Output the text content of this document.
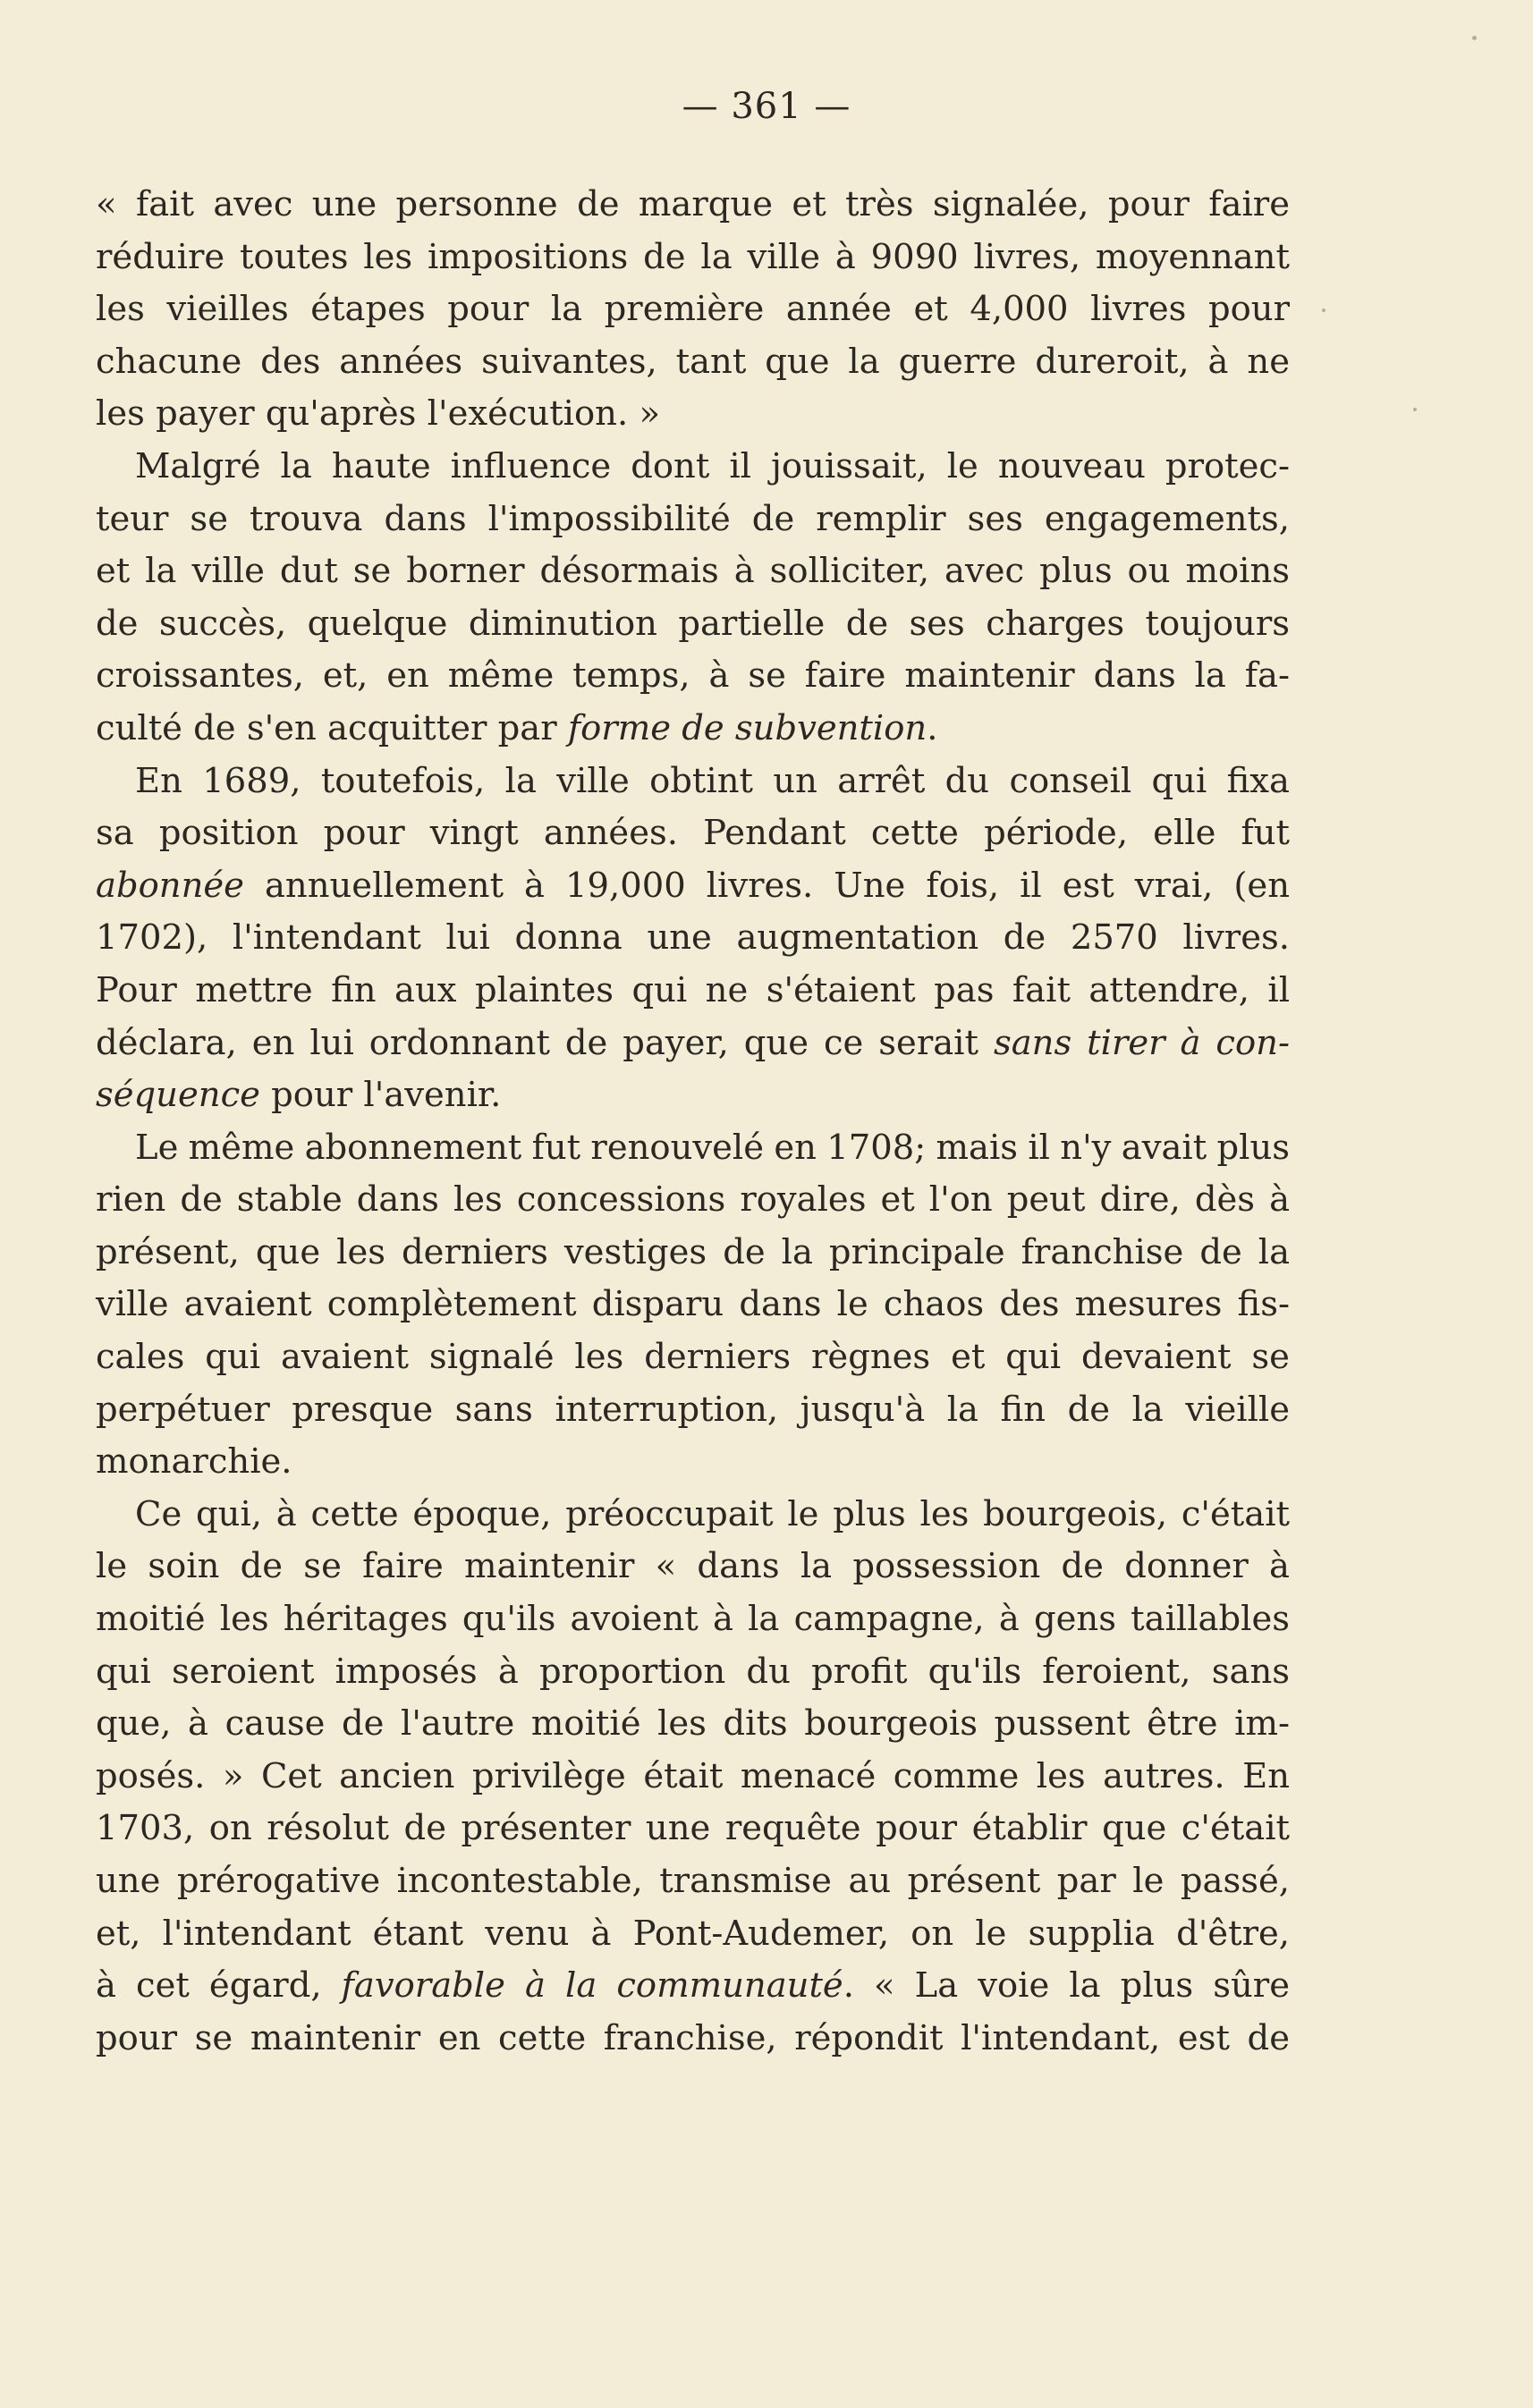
— 361 —

« fait avec une personne de marque et très signalée, pour faire
réduire toutes les impositions de la ville à 9090 livres, moyennant
les vieilles étapes pour la première année et 4,000 livres pour
chacune des années suivantes, tant que la guerre dureroit, à ne
les payer qu'après l'exécution. »

Malgré la haute influence dont il jouissait, le nouveau protec-
teur se trouva dans l'impossibilité de remplir ses engagements,
et la ville dut se borner désormais à solliciter, avec plus ou moins
de succès, quelque diminution partielle de ses charges toujours
croissantes, et, en même temps, à se faire maintenir dans la fa-
culté de s'en acquitter par forme de subvention.

En 1689, toutefois, la ville obtint un arrêt du conseil qui fixa
sa position pour vingt années. Pendant cette période, elle fut
abonnée annuellement à 19,000 livres. Une fois, il est vrai, (en
1702), l'intendant lui donna une augmentation de 2570 livres.
Pour mettre fin aux plaintes qui ne s'étaient pas fait attendre, il
déclara, en lui ordonnant de payer, que ce serait sans tirer à con-
séquence pour l'avenir.

Le même abonnement fut renouvelé en 1708; mais il n'y avait plus
rien de stable dans les concessions royales et l'on peut dire, dès à
présent, que les derniers vestiges de la principale franchise de la
ville avaient complètement disparu dans le chaos des mesures fis-
cales qui avaient signalé les derniers règnes et qui devaient se
perpétuer presque sans interruption, jusqu'à la fin de la vieille
monarchie.

Ce qui, à cette époque, préoccupait le plus les bourgeois, c'était
le soin de se faire maintenir « dans la possession de donner à
moitié les héritages qu'ils avoient à la campagne, à gens taillables
qui seroient imposés à proportion du profit qu'ils feroient, sans
que, à cause de l'autre moitié les dits bourgeois pussent être im-
posés. » Cet ancien privilège était menacé comme les autres. En
1703, on résolut de présenter une requête pour établir que c'était
une prérogative incontestable, transmise au présent par le passé,
et, l'intendant étant venu à Pont-Audemer, on le supplia d'être,
à cet égard, favorable à la communauté. « La voie la plus sûre
pour se maintenir en cette franchise, répondit l'intendant, est de
